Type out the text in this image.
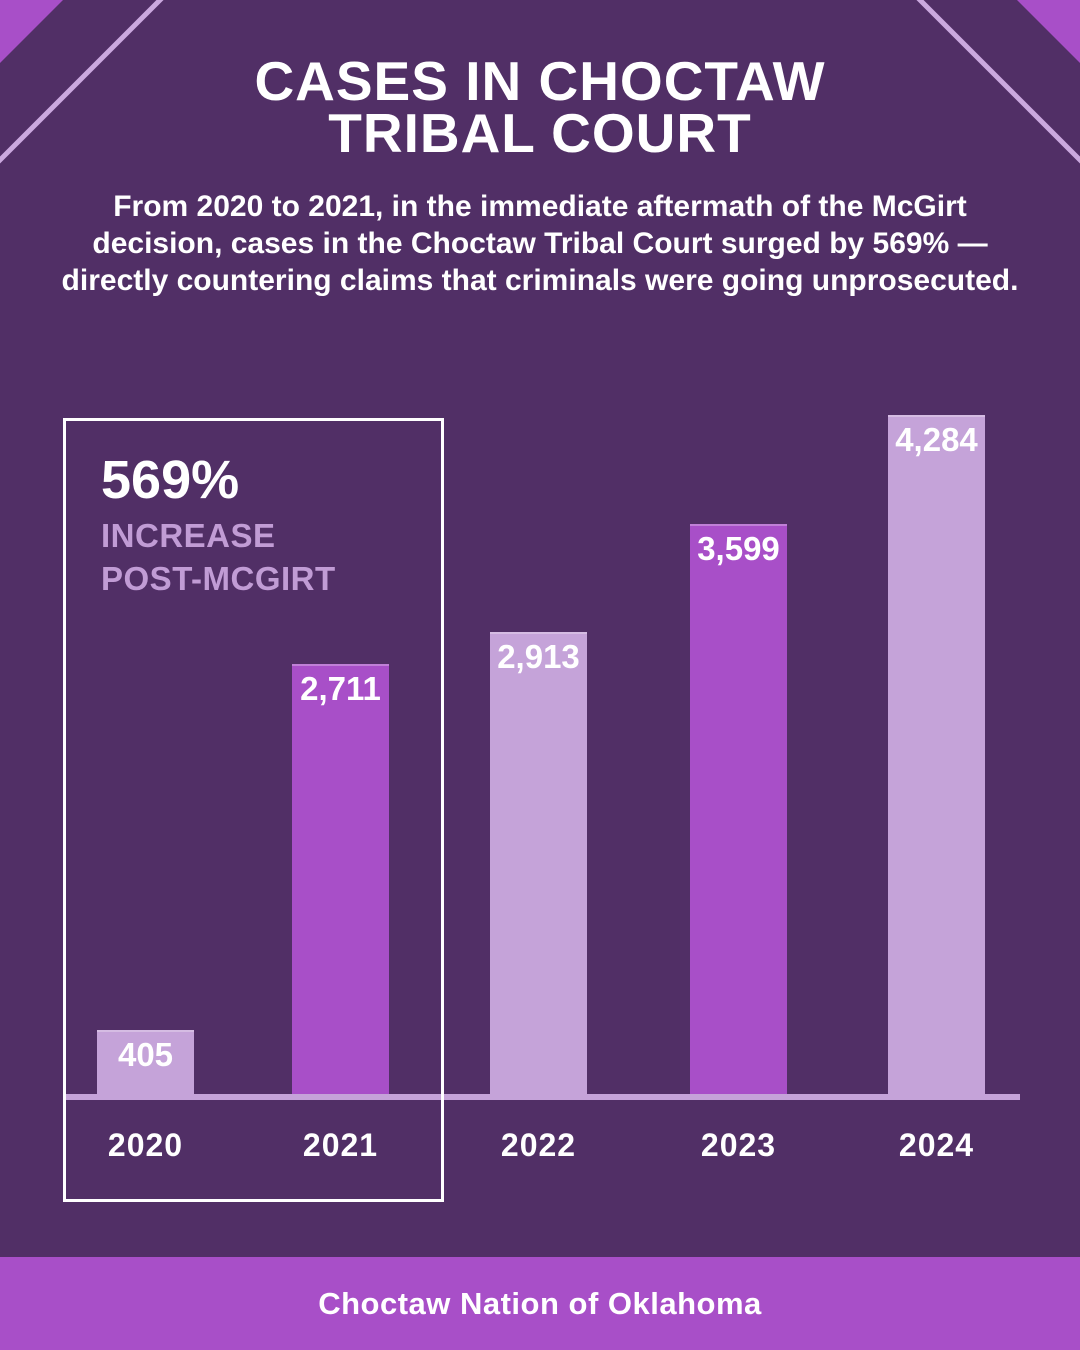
CASES IN CHOCTAW
TRIBAL COURT

From 2020 to 2021, in the immediate aftermath of the McGirt
decision, cases in the Choctaw Tribal Court surged by 569% —
directly countering claims that criminals were going unprosecuted.

405
2,711
2,913
3,599
4,284
2020	2021	2022	2023	2024
569%
INCREASE
POST-MCGIRT
Choctaw Nation of Oklahoma
